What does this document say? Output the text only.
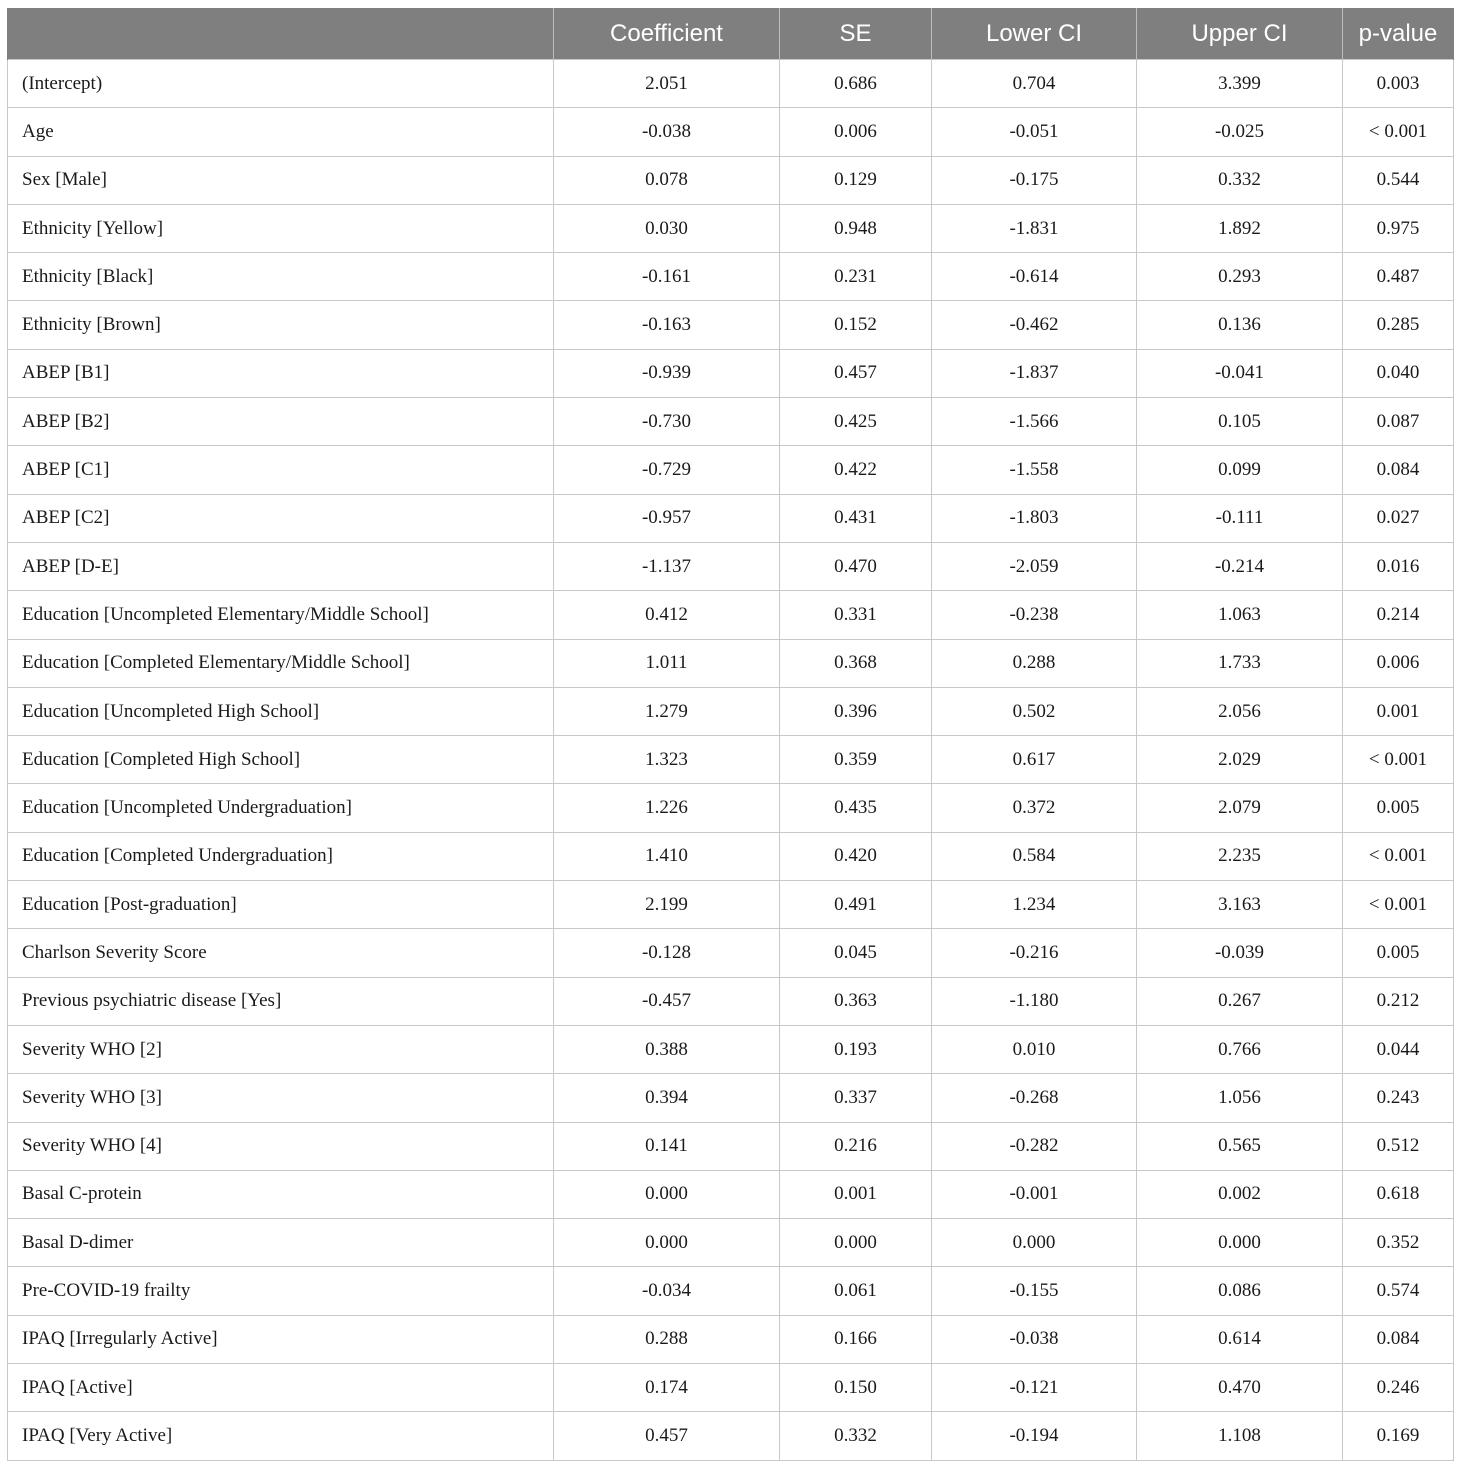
	Coefficient	SE	Lower CI	Upper CI	p-value
(Intercept)	2.051	0.686	0.704	3.399	0.003
Age	-0.038	0.006	-0.051	-0.025	< 0.001
Sex [Male]	0.078	0.129	-0.175	0.332	0.544
Ethnicity [Yellow]	0.030	0.948	-1.831	1.892	0.975
Ethnicity [Black]	-0.161	0.231	-0.614	0.293	0.487
Ethnicity [Brown]	-0.163	0.152	-0.462	0.136	0.285
ABEP [B1]	-0.939	0.457	-1.837	-0.041	0.040
ABEP [B2]	-0.730	0.425	-1.566	0.105	0.087
ABEP [C1]	-0.729	0.422	-1.558	0.099	0.084
ABEP [C2]	-0.957	0.431	-1.803	-0.111	0.027
ABEP [D-E]	-1.137	0.470	-2.059	-0.214	0.016
Education [Uncompleted Elementary/Middle School]	0.412	0.331	-0.238	1.063	0.214
Education [Completed Elementary/Middle School]	1.011	0.368	0.288	1.733	0.006
Education [Uncompleted High School]	1.279	0.396	0.502	2.056	0.001
Education [Completed High School]	1.323	0.359	0.617	2.029	< 0.001
Education [Uncompleted Undergraduation]	1.226	0.435	0.372	2.079	0.005
Education [Completed Undergraduation]	1.410	0.420	0.584	2.235	< 0.001
Education [Post-graduation]	2.199	0.491	1.234	3.163	< 0.001
Charlson Severity Score	-0.128	0.045	-0.216	-0.039	0.005
Previous psychiatric disease [Yes]	-0.457	0.363	-1.180	0.267	0.212
Severity WHO [2]	0.388	0.193	0.010	0.766	0.044
Severity WHO [3]	0.394	0.337	-0.268	1.056	0.243
Severity WHO [4]	0.141	0.216	-0.282	0.565	0.512
Basal C-protein	0.000	0.001	-0.001	0.002	0.618
Basal D-dimer	0.000	0.000	0.000	0.000	0.352
Pre-COVID-19 frailty	-0.034	0.061	-0.155	0.086	0.574
IPAQ [Irregularly Active]	0.288	0.166	-0.038	0.614	0.084
IPAQ [Active]	0.174	0.150	-0.121	0.470	0.246
IPAQ [Very Active]	0.457	0.332	-0.194	1.108	0.169
